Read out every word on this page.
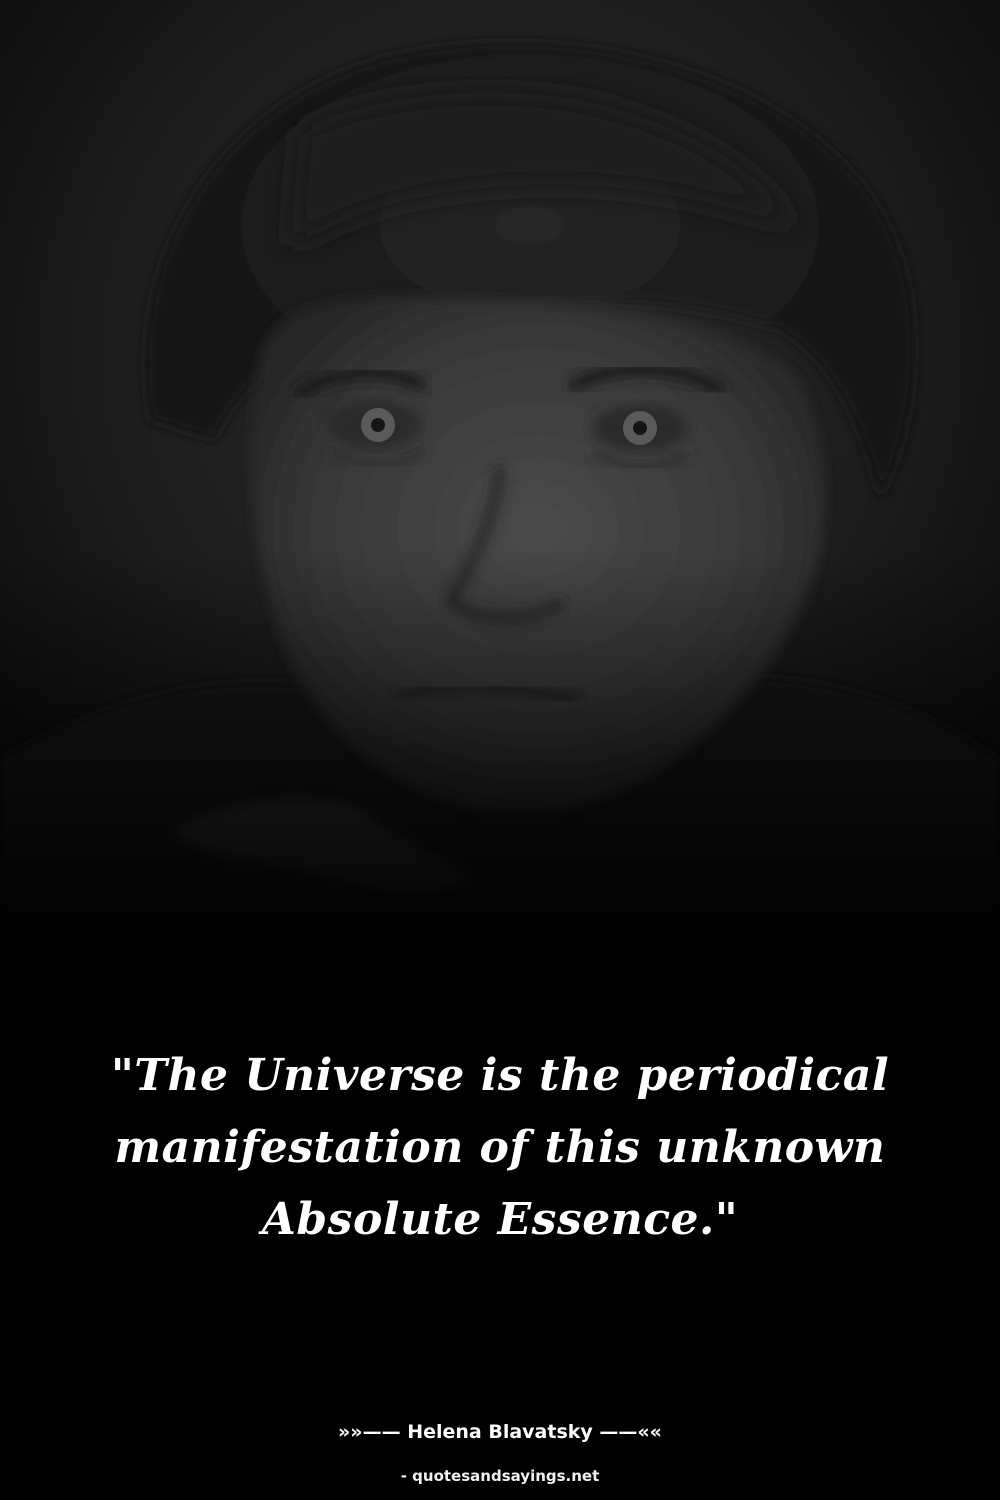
"The Universe is the periodical manifestation of this unknown Absolute Essence."

»»—— Helena Blavatsky ——««
- quotesandsayings.net
